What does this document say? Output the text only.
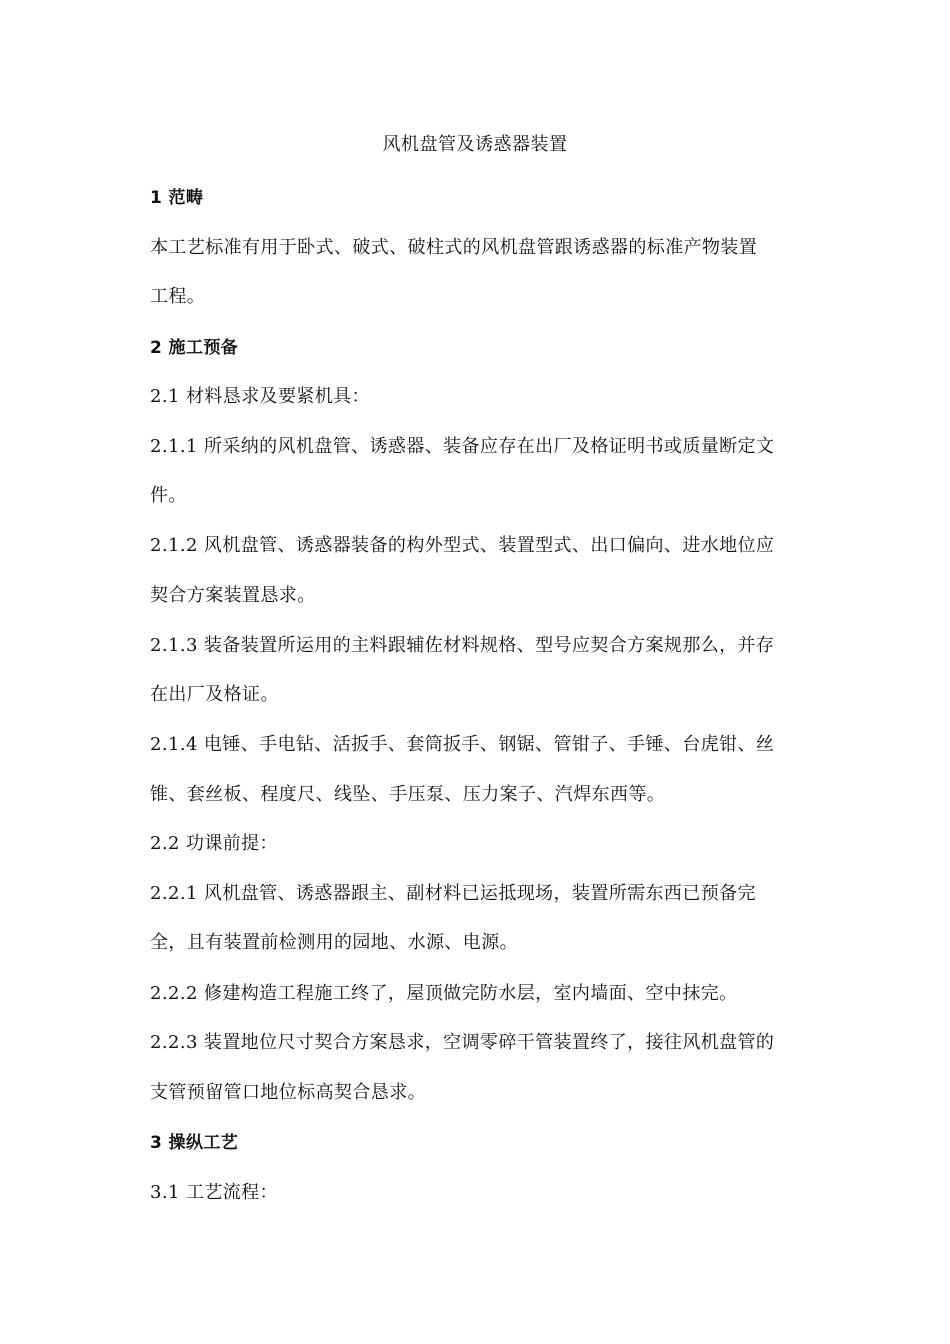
风机盘管及诱惑器装置
1 范畴
本工艺标准有用于卧式、破式、破柱式的风机盘管跟诱惑器的标准产物装置
工程。
2 施工预备
2.1 材料恳求及要紧机具：
2.1.1 所采纳的风机盘管、诱惑器、装备应存在出厂及格证明书或质量断定文
件。
2.1.2 风机盘管、诱惑器装备的构外型式、装置型式、出口偏向、进水地位应
契合方案装置恳求。
2.1.3 装备装置所运用的主料跟辅佐材料规格、型号应契合方案规那么，并存
在出厂及格证。
2.1.4 电锤、手电钻、活扳手、套筒扳手、钢锯、管钳子、手锤、台虎钳、丝
锥、套丝板、程度尺、线坠、手压泵、压力案子、汽焊东西等。
2.2 功课前提：
2.2.1 风机盘管、诱惑器跟主、副材料已运抵现场，装置所需东西已预备完
全，且有装置前检测用的园地、水源、电源。
2.2.2 修建构造工程施工终了，屋顶做完防水层，室内墙面、空中抹完。
2.2.3 装置地位尺寸契合方案恳求，空调零碎干管装置终了，接往风机盘管的
支管预留管口地位标高契合恳求。
3 操纵工艺
3.1 工艺流程：
